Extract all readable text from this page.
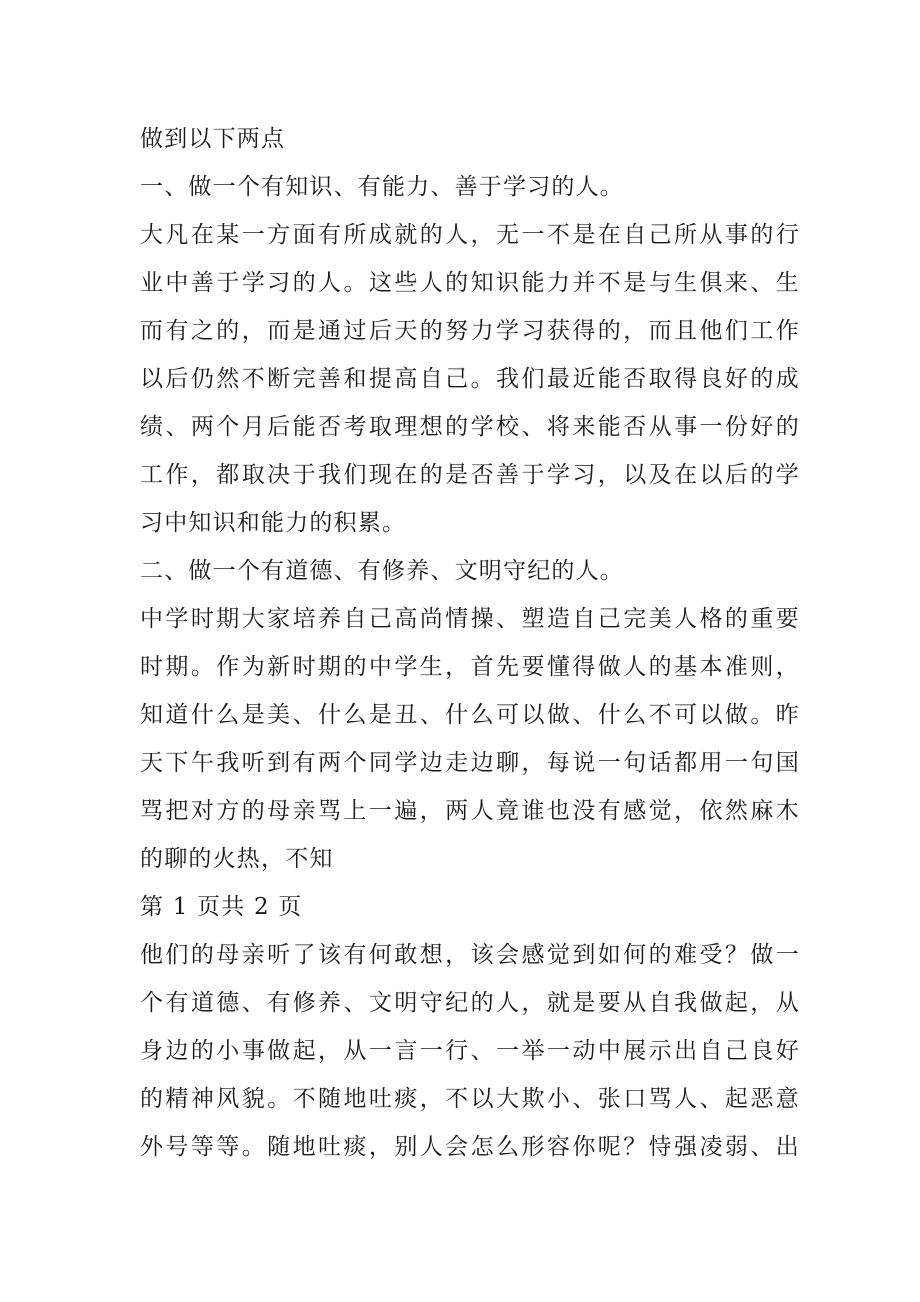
做到以下两点
一、做一个有知识、有能力、善于学习的人。
大凡在某一方面有所成就的人，无一不是在自己所从事的行
业中善于学习的人。这些人的知识能力并不是与生俱来、生
而有之的，而是通过后天的努力学习获得的，而且他们工作
以后仍然不断完善和提高自己。我们最近能否取得良好的成
绩、两个月后能否考取理想的学校、将来能否从事一份好的
工作，都取决于我们现在的是否善于学习，以及在以后的学
习中知识和能力的积累。
二、做一个有道德、有修养、文明守纪的人。
中学时期大家培养自己高尚情操、塑造自己完美人格的重要
时期。作为新时期的中学生，首先要懂得做人的基本准则，
知道什么是美、什么是丑、什么可以做、什么不可以做。昨
天下午我听到有两个同学边走边聊，每说一句话都用一句国
骂把对方的母亲骂上一遍，两人竟谁也没有感觉，依然麻木
的聊的火热，不知
第 1 页共 2 页
他们的母亲听了该有何敢想，该会感觉到如何的难受？做一
个有道德、有修养、文明守纪的人，就是要从自我做起，从
身边的小事做起，从一言一行、一举一动中展示出自己良好
的精神风貌。不随地吐痰，不以大欺小、张口骂人、起恶意
外号等等。随地吐痰，别人会怎么形容你呢？恃强凌弱、出
